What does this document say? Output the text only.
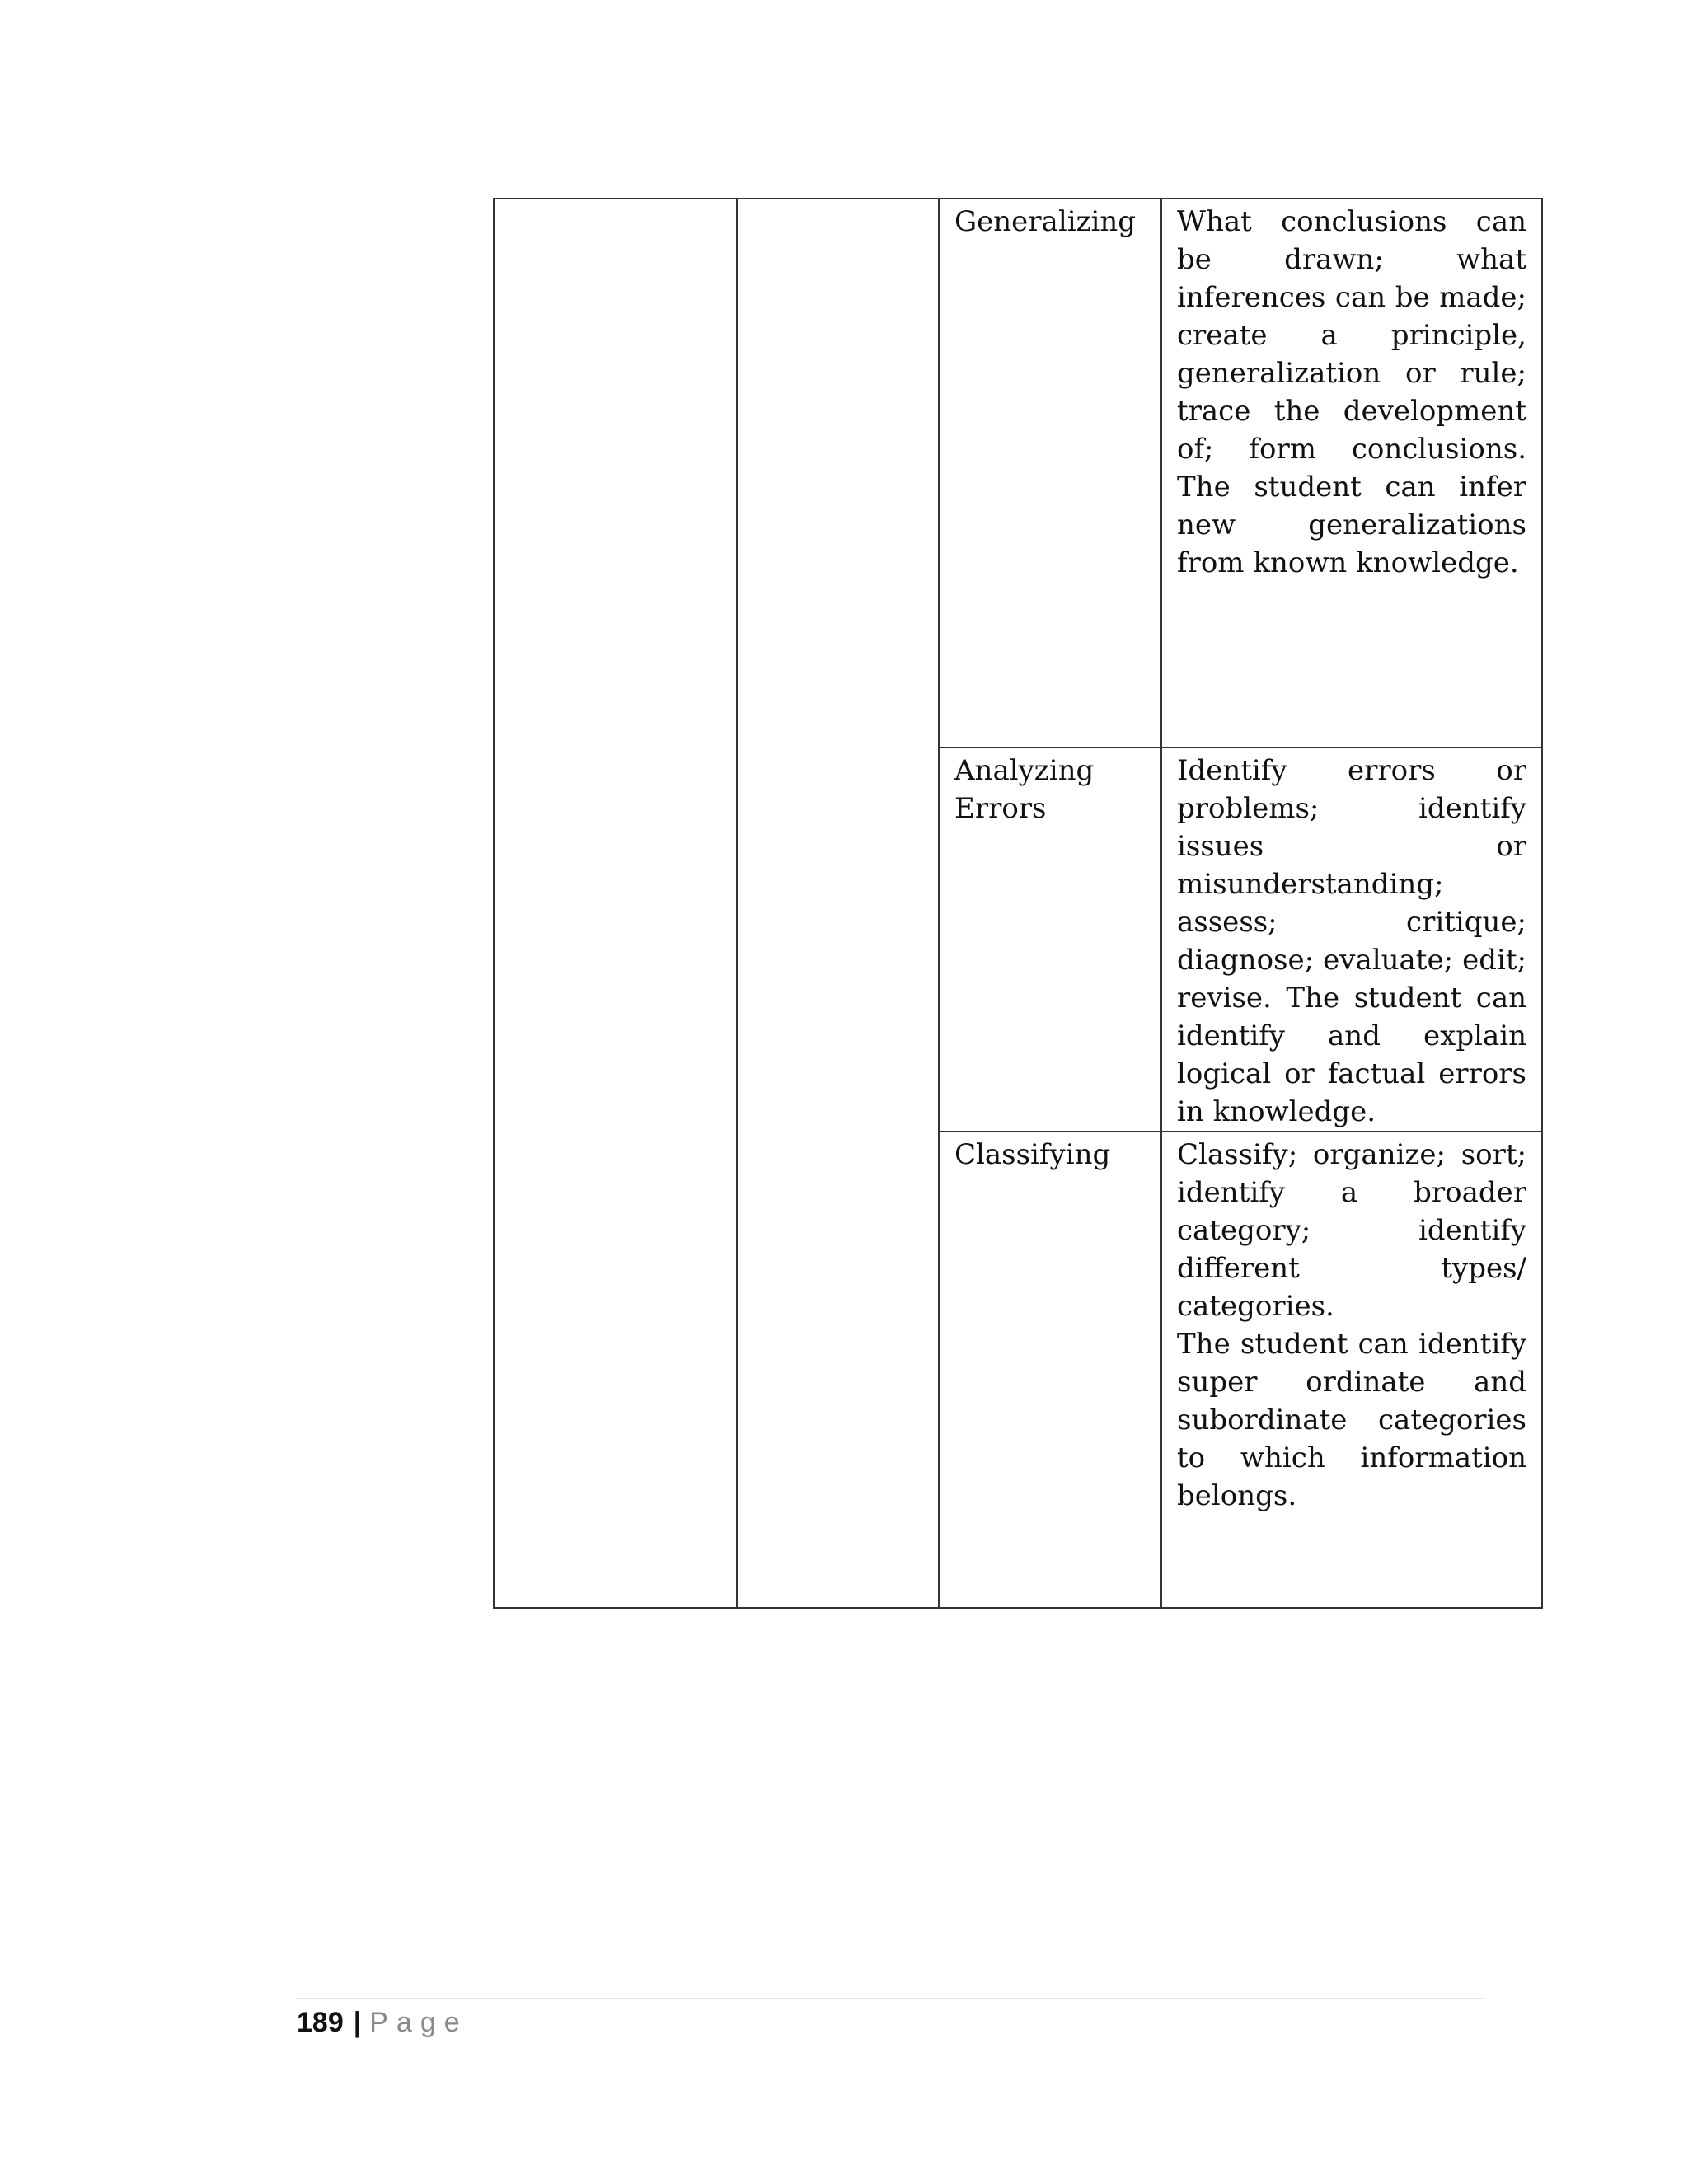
		Generalizing	What conclusions can be drawn; what inferences can be made; create a principle, generalization or rule; trace the development of; form conclusions. The student can infer new generalizations from known knowledge.

		Analyzing Errors	Identify errors or problems; identify issues or misunderstanding; assess; critique; diagnose; evaluate; edit; revise. The student can identify and explain logical or factual errors in knowledge.

		Classifying	Classify; organize; sort; identify a broader category; identify different types/ categories.

The student can identify super ordinate and subordinate categories to which information belongs.

189 | Page
